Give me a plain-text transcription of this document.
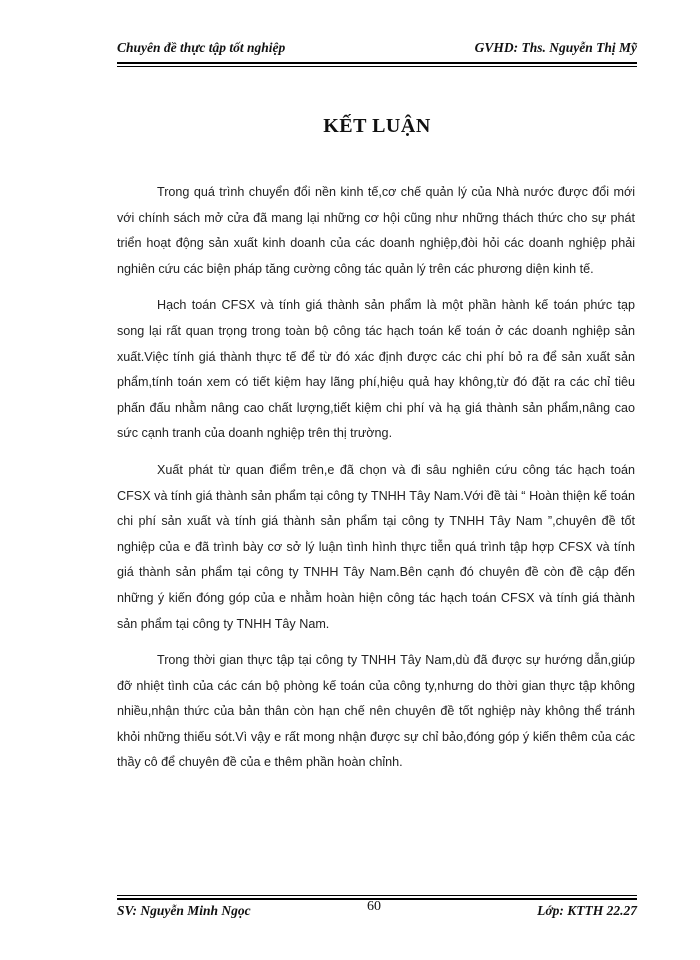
Chuyên đề thực tập tốt nghiệp	GVHD: Ths. Nguyễn Thị Mỹ
KẾT LUẬN

Trong quá trình chuyển đổi nền kinh tế,cơ chế quản lý của Nhà nước được đổi mới với chính sách mở cửa đã mang lại những cơ hội cũng như những thách thức cho sự phát triển hoạt động sản xuất kinh doanh của các doanh nghiệp,đòi hỏi các doanh nghiệp phải nghiên cứu các biện pháp tăng cường công tác quản lý trên các phương diện kinh tế.

Hạch toán CFSX và tính giá thành sản phẩm là một phần hành kế toán phức tạp song lại rất quan trọng trong toàn bộ công tác hạch toán kế toán ở các doanh nghiệp sản xuất.Việc tính giá thành thực tế để từ đó xác định được các chi phí bỏ ra để sản xuất sản phẩm,tính toán xem có tiết kiệm hay lãng phí,hiệu quả hay không,từ đó đặt ra các chỉ tiêu phấn đấu nhằm nâng cao chất lượng,tiết kiệm chi phí và hạ giá thành sản phẩm,nâng cao sức cạnh tranh của doanh nghiệp trên thị trường.

Xuất phát từ quan điểm trên,e đã chọn và đi sâu nghiên cứu công tác hạch toán CFSX và tính giá thành sản phẩm tại công ty TNHH Tây Nam.Với đề tài “ Hoàn thiện kế toán chi phí sản xuất và tính giá thành sản phẩm tại công ty TNHH Tây Nam ”,chuyên đề tốt nghiệp của e đã trình bày cơ sở lý luận tình hình thực tiễn quá trình tập hợp CFSX và tính giá thành sản phẩm tại công ty TNHH Tây Nam.Bên cạnh đó chuyên đề còn đề cập đến những ý kiến đóng góp của e nhằm hoàn hiện công tác hạch toán CFSX và tính giá thành sản phẩm tại công ty TNHH Tây Nam.

Trong thời gian thực tập tại công ty TNHH Tây Nam,dù đã được sự hướng dẫn,giúp đỡ nhiệt tình của các cán bộ phòng kế toán của công ty,nhưng do thời gian thực tập không nhiều,nhận thức của bản thân còn hạn chế nên chuyên đề tốt nghiệp này không thể tránh khỏi những thiếu sót.Vì vậy e rất mong nhận được sự chỉ bảo,đóng góp ý kiến thêm của các thầy cô để chuyên đề của e thêm phần hoàn chỉnh.

SV: Nguyễn Minh Ngọc	60	Lớp: KTTH 22.27
